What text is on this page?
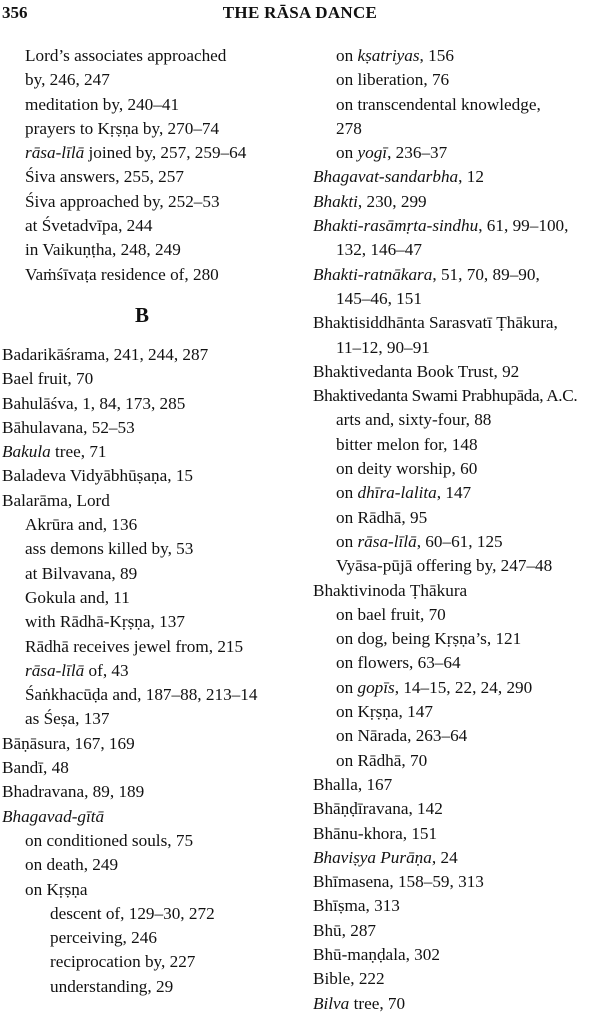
356	THE RĀSA DANCE
Lord’s associates approached
by, 246, 247
meditation by, 240–41
prayers to Kṛṣṇa by, 270–74
rāsa-līlā joined by, 257, 259–64
Śiva answers, 255, 257
Śiva approached by, 252–53
at Śvetadvīpa, 244
in Vaikuṇṭha, 248, 249
Vaṁśīvaṭa residence of, 280
B
Badarikāśrama, 241, 244, 287
Bael fruit, 70
Bahulāśva, 1, 84, 173, 285
Bāhulavana, 52–53
Bakula tree, 71
Baladeva Vidyābhūṣaṇa, 15
Balarāma, Lord
Akrūra and, 136
ass demons killed by, 53
at Bilvavana, 89
Gokula and, 11
with Rādhā-Kṛṣṇa, 137
Rādhā receives jewel from, 215
rāsa-līlā of, 43
Śaṅkhacūḍa and, 187–88, 213–14
as Śeṣa, 137
Bāṇāsura, 167, 169
Bandī, 48
Bhadravana, 89, 189
Bhagavad-gītā
on conditioned souls, 75
on death, 249
on Kṛṣṇa
descent of, 129–30, 272
perceiving, 246
reciprocation by, 227
understanding, 29
on kṣatriyas, 156
on liberation, 76
on transcendental knowledge,
278
on yogī, 236–37
Bhagavat-sandarbha, 12
Bhakti, 230, 299
Bhakti-rasāmṛta-sindhu, 61, 99–100,
132, 146–47
Bhakti-ratnākara, 51, 70, 89–90,
145–46, 151
Bhaktisiddhānta Sarasvatī Ṭhākura,
11–12, 90–91
Bhaktivedanta Book Trust, 92
Bhaktivedanta Swami Prabhupāda, A.C.
arts and, sixty-four, 88
bitter melon for, 148
on deity worship, 60
on dhīra-lalita, 147
on Rādhā, 95
on rāsa-līlā, 60–61, 125
Vyāsa-pūjā offering by, 247–48
Bhaktivinoda Ṭhākura
on bael fruit, 70
on dog, being Kṛṣṇa’s, 121
on flowers, 63–64
on gopīs, 14–15, 22, 24, 290
on Kṛṣṇa, 147
on Nārada, 263–64
on Rādhā, 70
Bhalla, 167
Bhāṇḍīravana, 142
Bhānu-khora, 151
Bhaviṣya Purāṇa, 24
Bhīmasena, 158–59, 313
Bhīṣma, 313
Bhū, 287
Bhū-maṇḍala, 302
Bible, 222
Bilva tree, 70
